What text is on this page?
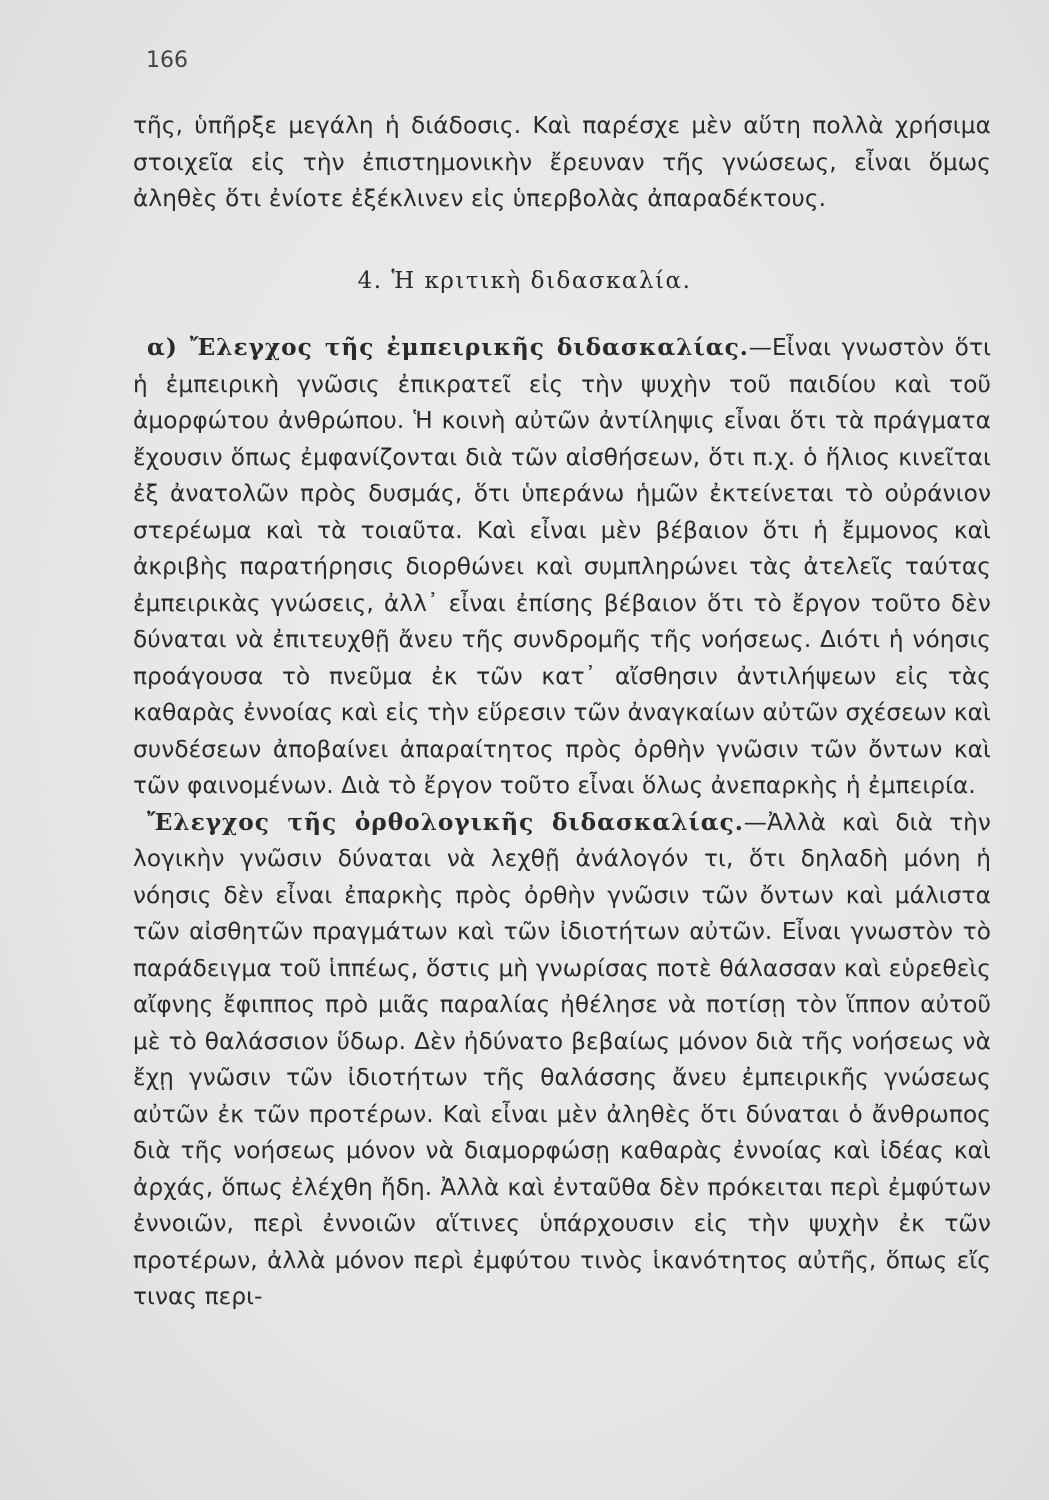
166

τῆς, ὑπῆρξε μεγάλη ἡ διάδοσις. Καὶ παρέσχε μὲν αὕτη πολλὰ χρήσιμα στοιχεῖα εἰς τὴν ἐπιστημονικὴν ἔρευναν τῆς γνώσεως, εἶναι ὅμως ἀληθὲς ὅτι ἐνίοτε ἐξέκλινεν εἰς ὑπερβολὰς ἀπαραδέκτους.

4. Ἡ κριτικὴ διδασκαλία.

α) Ἔλεγχος τῆς ἐμπειρικῆς διδασκαλίας.—Εἶναι γνωστὸν ὅτι ἡ ἐμπειρικὴ γνῶσις ἐπικρατεῖ εἰς τὴν ψυχὴν τοῦ παιδίου καὶ τοῦ ἀμορφώτου ἀνθρώπου. Ἡ κοινὴ αὐτῶν ἀντίληψις εἶναι ὅτι τὰ πράγματα ἔχουσιν ὅπως ἐμφανίζονται διὰ τῶν αἰσθήσεων, ὅτι π.χ. ὁ ἥλιος κινεῖται ἐξ ἀνατολῶν πρὸς δυσμάς, ὅτι ὑπεράνω ἡμῶν ἐκτείνεται τὸ οὐράνιον στερέωμα καὶ τὰ τοιαῦτα. Καὶ εἶναι μὲν βέβαιον ὅτι ἡ ἔμμονος καὶ ἀκριβὴς παρατήρησις διορθώνει καὶ συμπληρώνει τὰς ἀτελεῖς ταύτας ἐμπειρικὰς γνώσεις, ἀλλ᾽ εἶναι ἐπίσης βέβαιον ὅτι τὸ ἔργον τοῦτο δὲν δύναται νὰ ἐπιτευχθῇ ἄνευ τῆς συνδρομῆς τῆς νοήσεως. Διότι ἡ νόησις προάγουσα τὸ πνεῦμα ἐκ τῶν κατ᾽ αἴσθησιν ἀντιλήψεων εἰς τὰς καθαρὰς ἐννοίας καὶ εἰς τὴν εὕρεσιν τῶν ἀναγκαίων αὐτῶν σχέσεων καὶ συνδέσεων ἀποβαίνει ἀπαραίτητος πρὸς ὀρθὴν γνῶσιν τῶν ὄντων καὶ τῶν φαινομένων. Διὰ τὸ ἔργον τοῦτο εἶναι ὅλως ἀνεπαρκὴς ἡ ἐμπειρία.

Ἔλεγχος τῆς ὀρθολογικῆς διδασκαλίας.—Ἀλλὰ καὶ διὰ τὴν λογικὴν γνῶσιν δύναται νὰ λεχθῇ ἀνάλογόν τι, ὅτι δηλαδὴ μόνη ἡ νόησις δὲν εἶναι ἐπαρκὴς πρὸς ὀρθὴν γνῶσιν τῶν ὄντων καὶ μάλιστα τῶν αἰσθητῶν πραγμάτων καὶ τῶν ἰδιοτήτων αὐτῶν. Εἶναι γνωστὸν τὸ παράδειγμα τοῦ ἱππέως, ὅστις μὴ γνωρίσας ποτὲ θάλασσαν καὶ εὑρεθεὶς αἴφνης ἔφιππος πρὸ μιᾶς παραλίας ἠθέλησε νὰ ποτίσῃ τὸν ἵππον αὐτοῦ μὲ τὸ θαλάσσιον ὕδωρ. Δὲν ἠδύνατο βεβαίως μόνον διὰ τῆς νοήσεως νὰ ἔχῃ γνῶσιν τῶν ἰδιοτήτων τῆς θαλάσσης ἄνευ ἐμπειρικῆς γνώσεως αὐτῶν ἐκ τῶν προτέρων. Καὶ εἶναι μὲν ἀληθὲς ὅτι δύναται ὁ ἄνθρωπος διὰ τῆς νοήσεως μόνον νὰ διαμορφώσῃ καθαρὰς ἐννοίας καὶ ἰδέας καὶ ἀρχάς, ὅπως ἐλέχθη ἤδη. Ἀλλὰ καὶ ἐνταῦθα δὲν πρόκειται περὶ ἐμφύτων ἐννοιῶν, περὶ ἐννοιῶν αἵτινες ὑπάρχουσιν εἰς τὴν ψυχὴν ἐκ τῶν προτέρων, ἀλλὰ μόνον περὶ ἐμφύτου τινὸς ἱκανότητος αὐτῆς, ὅπως εἴς τινας περι-
